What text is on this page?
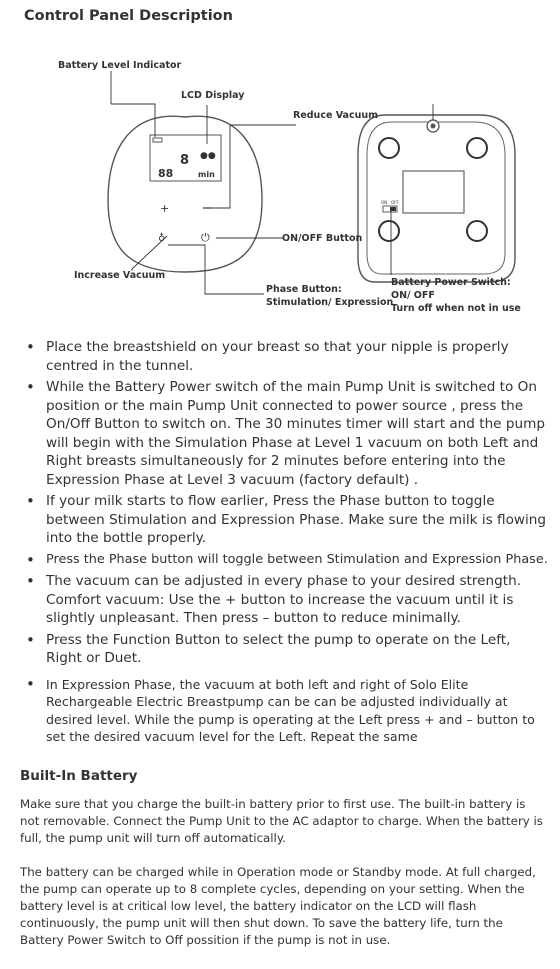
Control Panel Description
8 ●●
88	min
+
♁	⏻
ON OFF
Battery Level Indicator
LCD Display
Reduce Vacuum
ON/OFF Button
Increase Vacuum
Phase Button:
Stimulation/ Expression
Battery Power Switch:
ON/ OFF
Turn off when not in use
• Place the breastshield on your breast so that your nipple is properly centred in the tunnel.
• While the Battery Power switch of the main Pump Unit is switched to On position or the main Pump Unit connected to power source , press the On/Off Button to switch on. The 30 minutes timer will start and the pump will begin with the Simulation Phase at Level 1 vacuum on both Left and Right breasts simultaneously for 2 minutes before entering into the Expression Phase at Level 3 vacuum (factory default) .
• If your milk starts to flow earlier, Press the Phase button to toggle between Stimulation and Expression Phase. Make sure the milk is flowing into the bottle properly.
• Press the Phase button will toggle between Stimulation and Expression Phase.
• The vacuum can be adjusted in every phase to your desired strength. Comfort vacuum: Use the + button to increase the vacuum until it is slightly unpleasant. Then press – button to reduce minimally.
• Press the Function Button to select the pump to operate on the Left, Right or Duet.
• In Expression Phase, the vacuum at both left and right of Solo Elite Rechargeable Electric Breastpump can be can be adjusted individually at desired level. While the pump is operating at the Left press + and – button to set the desired vacuum level for the Left. Repeat the same
Built-In Battery

Make sure that you charge the built-in battery prior to first use. The built-in battery is not removable. Connect the Pump Unit to the AC adaptor to charge. When the battery is full, the pump unit will turn off automatically.

The battery can be charged while in Operation mode or Standby mode. At full charged, the pump can operate up to 8 complete cycles, depending on your setting. When the battery level is at critical low level, the battery indicator on the LCD will flash continuously, the pump unit will then shut down. To save the battery life, turn the Battery Power Switch to Off possition if the pump is not in use.
